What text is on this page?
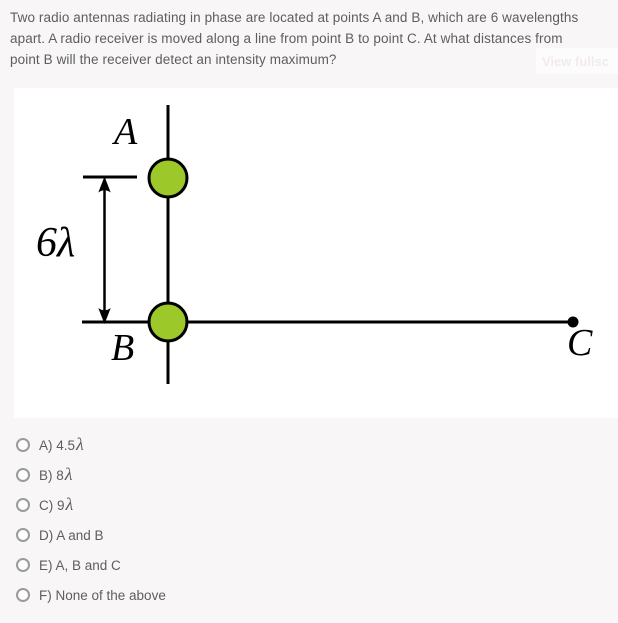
Two radio antennas radiating in phase are located at points A and B, which are 6 wavelengths
apart. A radio receiver is moved along a line from point B to point C. At what distances from
point B will the receiver detect an intensity maximum?	View fullsc
A
6λ
B	C
A) 4.5 λ
B) 8 λ
C) 9 λ
D) A and B
E) A, B and C
F) None of the above
